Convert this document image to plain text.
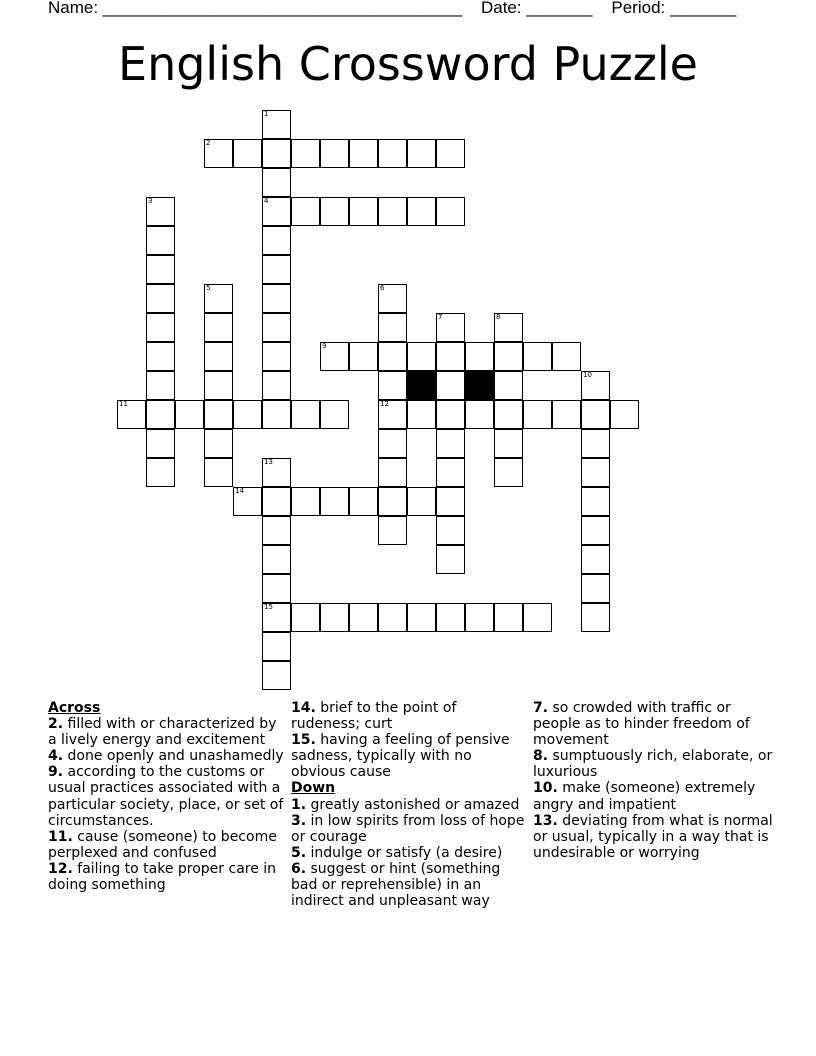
Name: ______________________________________    Date: _______    Period: _______
English Crossword Puzzle
2
4
9
11	12
14
15
1
3
5	6
7	8
10
13
Across
2. filled with or characterized by a lively energy and excitement
4. done openly and unashamedly
9. according to the customs or usual practices associated with a particular society, place, or set of circumstances.
11. cause (someone) to become perplexed and confused
12. failing to take proper care in doing something
14. brief to the point of rudeness; curt
15. having a feeling of pensive sadness, typically with no obvious cause
Down
1. greatly astonished or amazed
3. in low spirits from loss of hope or courage
5. indulge or satisfy (a desire)
6. suggest or hint (something bad or reprehensible) in an indirect and unpleasant way
7. so crowded with traffic or people as to hinder freedom of movement
8. sumptuously rich, elaborate, or luxurious
10. make (someone) extremely angry and impatient
13. deviating from what is normal or usual, typically in a way that is undesirable or worrying
